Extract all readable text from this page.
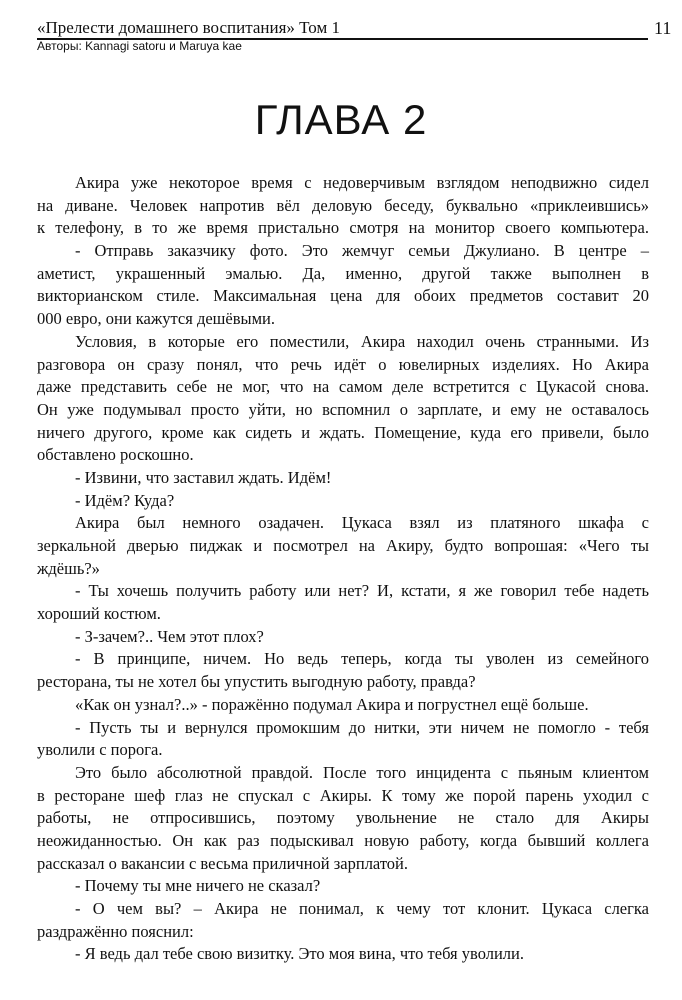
«Прелести домашнего воспитания» Том 1	11
Авторы: Kannagi satoru и Maruya kae
ГЛАВА 2
Акира уже некоторое время с недоверчивым взглядом неподвижно сидел
на диване. Человек напротив вёл деловую беседу, буквально «приклеившись»
к телефону, в то же время пристально смотря на монитор своего компьютера.
- Отправь заказчику фото. Это жемчуг семьи Джулиано. В центре –
аметист, украшенный эмалью. Да, именно, другой также выполнен в
викторианском стиле. Максимальная цена для обоих предметов составит 20
000 евро, они кажутся дешёвыми.
Условия, в которые его поместили, Акира находил очень странными. Из
разговора он сразу понял, что речь идёт о ювелирных изделиях. Но Акира
даже представить себе не мог, что на самом деле встретится с Цукасой снова.
Он уже подумывал просто уйти, но вспомнил о зарплате, и ему не оставалось
ничего другого, кроме как сидеть и ждать. Помещение, куда его привели, было
обставлено роскошно.
- Извини, что заставил ждать. Идём!
- Идём? Куда?
Акира был немного озадачен. Цукаса взял из платяного шкафа с
зеркальной дверью пиджак и посмотрел на Акиру, будто вопрошая: «Чего ты
ждёшь?»
- Ты хочешь получить работу или нет? И, кстати, я же говорил тебе надеть
хороший костюм.
- З-зачем?.. Чем этот плох?
- В принципе, ничем. Но ведь теперь, когда ты уволен из семейного
ресторана, ты не хотел бы упустить выгодную работу, правда?
«Как он узнал?..» - поражённо подумал Акира и погрустнел ещё больше.
- Пусть ты и вернулся промокшим до нитки, эти ничем не помогло - тебя
уволили с порога.
Это было абсолютной правдой. После того инцидента с пьяным клиентом
в ресторане шеф глаз не спускал с Акиры. К тому же порой парень уходил с
работы, не отпросившись, поэтому увольнение не стало для Акиры
неожиданностью. Он как раз подыскивал новую работу, когда бывший коллега
рассказал о вакансии с весьма приличной зарплатой.
- Почему ты мне ничего не сказал?
- О чем вы? – Акира не понимал, к чему тот клонит. Цукаса слегка
раздражённо пояснил:
- Я ведь дал тебе свою визитку. Это моя вина, что тебя уволили.
